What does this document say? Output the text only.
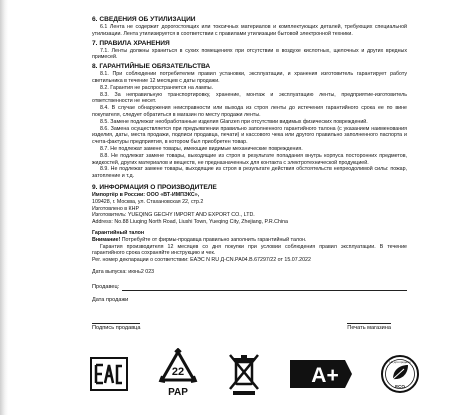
6. СВЕДЕНИЯ ОБ УТИЛИЗАЦИИ
6.1 Лента не содержит дорогостоящих или токсичных материалов и комплектующих деталей, требующих специальной утилизации. Лента утилизируется в соответствии с правилами утилизации бытовой электронной техники.
7. ПРАВИЛА ХРАНЕНИЯ
7.1. Ленты должны храниться в сухих помещениях при отсутствии в воздухе кислотных, щелочных и других вредных примесей.
8. ГАРАНТИЙНЫЕ ОБЯЗАТЕЛЬСТВА
8.1. При соблюдении потребителем правил установки, эксплуатации, и хранения изготовитель гарантирует работу светильника в течение 12 месяцев с даты продажи.
8.2. Гарантия не распространяется на лампы.
8.3. За неправильную транспортировку, хранение, монтаж и эксплуатацию ленты, предприятие-изготовитель ответственности не несет.
8.4. В случае обнаружения неисправности или выхода из строя ленты до истечения гарантийного срока ее по вине покупателя, следует обратиться в магазин по месту продажи ленты.
8.5. Замене подлежат необработанные изделия Glanzen при отсутствии видимых физических повреждений.
8.6. Замена осуществляется при предъявлении правильно заполненного гарантийного талона (с указанием наименования изделия, даты, места продажи, подписи продавца, печати) и кассового чека или другого правильно заполненного паспорта и счета-фактуры предприятия, в котором был приобретен товар.
8.7. Не подлежат замене товары, имеющие видимые механические повреждения.
8.8. Не подлежат замене товары, выходящие из строя в результате попадания внутрь корпуса посторонних предметов, жидкостей, других материалов и веществ, не предназначенных для контакта с электротехнической продукцией.
8.9. Не подлежат замене товары, выходящие из строя в результате действия обстоятельств непреодолимой силы: пожар, затопление и т.д.
9. ИНФОРМАЦИЯ О ПРОИЗВОДИТЕЛЕ
Импортёр в России: ООО «ВТ-ИМПЭКС»,
109428, г. Москва, ул. Стахановская 22, стр.2
Изготовлено в КНР
Изготовитель: YUEQING GECHY IMPORT AND EXPORT CO., LTD.
Address: No.88 Liuqing North Road, Liushi Town, Yueqing City, Zhejiang, P.R.China
Гарантийный талон
Внимание! Потребуйте от фирмы-продавца правильно заполнить гарантийный талон.
Гарантия производителя 12 месяцев со дня покупки при условии соблюдения правил эксплуатации. В течение гарантийного срока сохраняйте инструкцию и чек.
Рег. номер декларации о соответствии: ЕАЭС N RU Д-CN.РА04.В.67297/22 от 15.07.2022
Дата выпуска: июнь2 023
Продавец:
Дата продажи
Подпись продавца	Печать магазина
22
PAP
A+	ECO
Не для продажи
